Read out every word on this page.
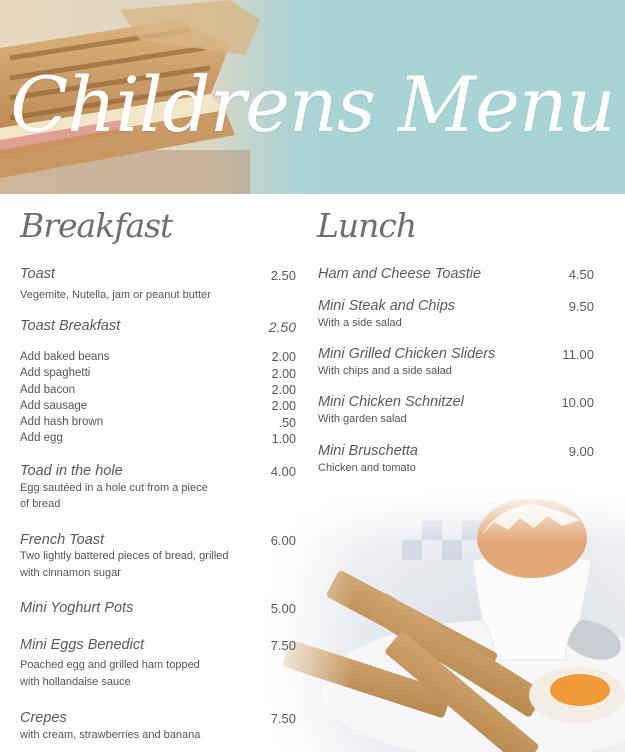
Childrens Menu
Breakfast	Lunch
Toast	2.50
Vegemite, Nutella, jam or peanut butter
Toast Breakfast	2.50
Add baked beans	2.00
Add spaghetti	2.00
Add bacon	2.00
Add sausage	2.00
Add hash brown	.50
Add egg	1.00
Toad in the hole	4.00
Egg sautéed in a hole cut from a piece
of bread
French Toast	6.00
Two lightly battered pieces of bread, grilled
with cinnamon sugar
Mini Yoghurt Pots	5.00
Mini Eggs Benedict	7.50
Poached egg and grilled ham topped
with hollandaise sauce
Crepes	7.50
with cream, strawberries and banana
Ham and Cheese Toastie	4.50
Mini Steak and Chips	9.50
With a side salad
Mini Grilled Chicken Sliders	11.00
With chips and a side salad
Mini Chicken Schnitzel	10.00
With garden salad
Mini Bruschetta	9.00
Chicken and tomato
